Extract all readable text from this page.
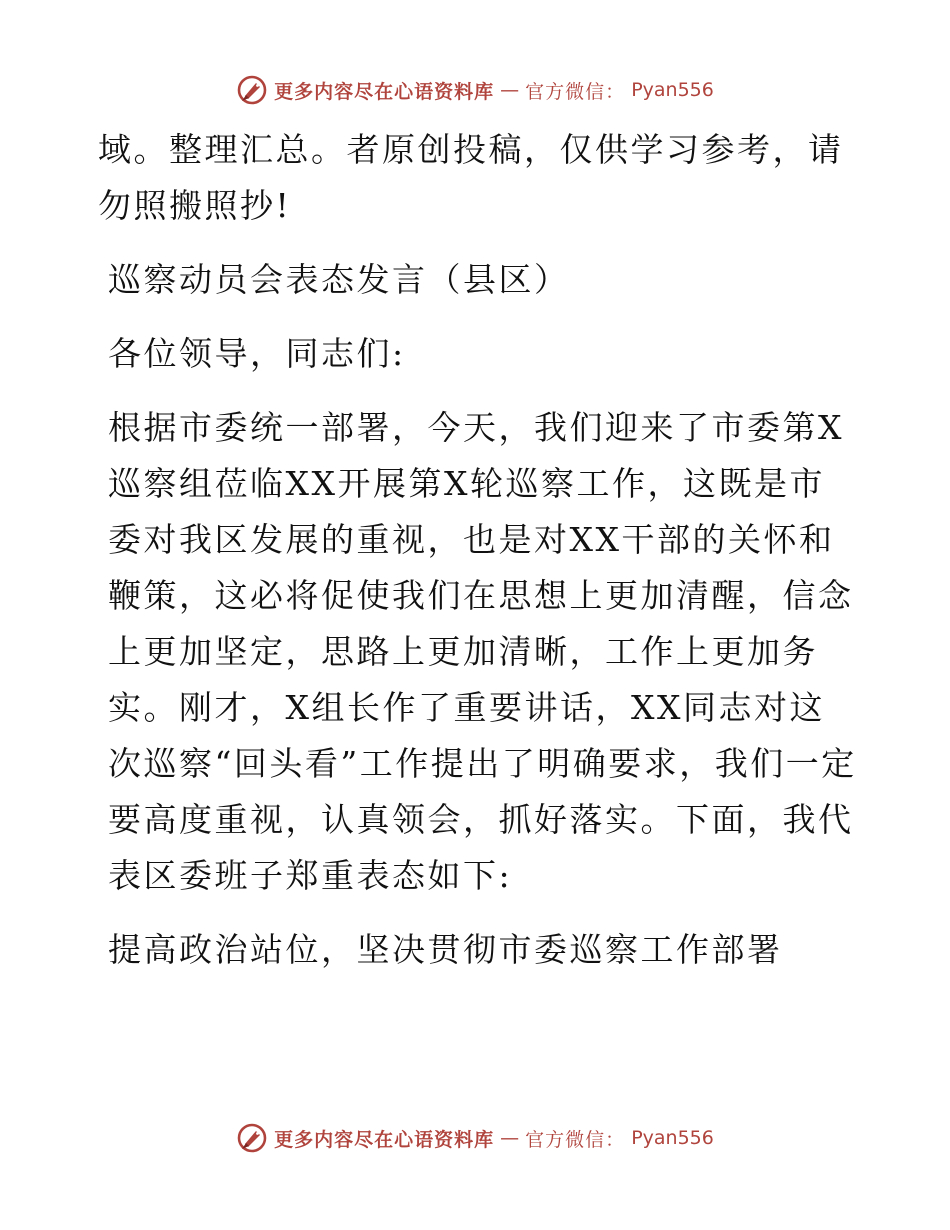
更多内容尽在心语资料库 — 官方微信： Pyan556

域。整理汇总。者原创投稿，仅供学习参考，请勿照搬照抄!

巡察动员会表态发言（县区）

各位领导，同志们:

根据市委统一部署，今天，我们迎来了市委第X巡察组莅临XX开展第X轮巡察工作，这既是市委对我区发展的重视，也是对XX干部的关怀和鞭策，这必将促使我们在思想上更加清醒，信念上更加坚定，思路上更加清晰，工作上更加务实。刚才，X组长作了重要讲话，XX同志对这次巡察“回头看”工作提出了明确要求，我们一定要高度重视，认真领会，抓好落实。下面，我代表区委班子郑重表态如下:

提高政治站位，坚决贯彻市委巡察工作部署

更多内容尽在心语资料库 — 官方微信： Pyan556
